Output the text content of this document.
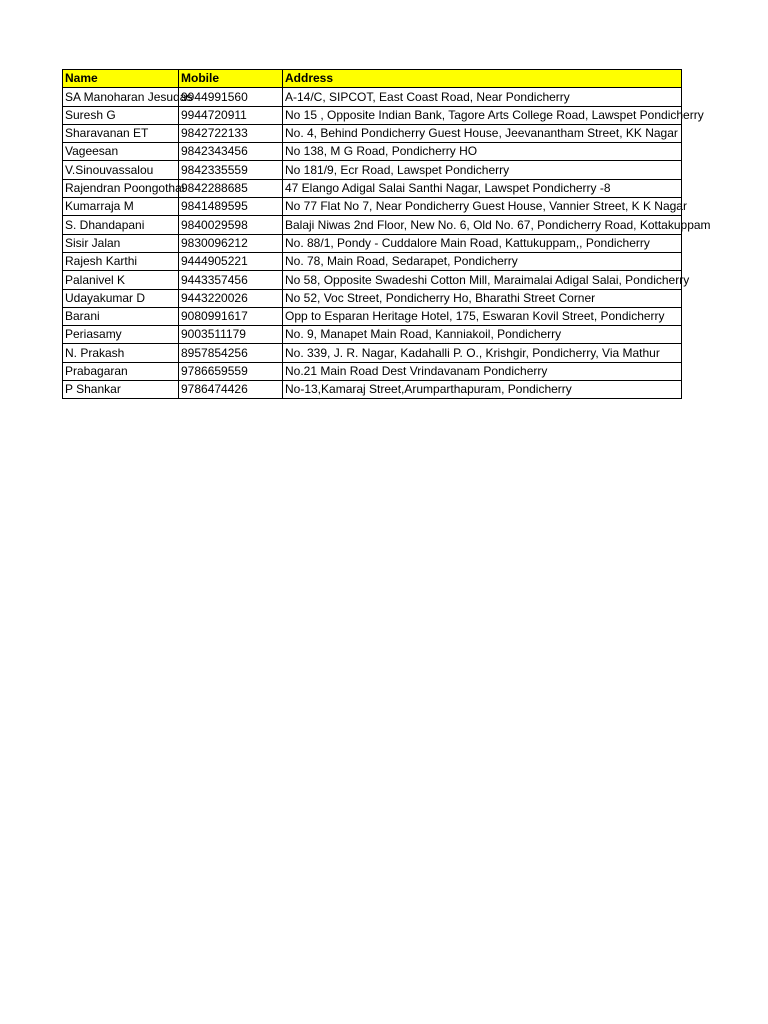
Name	Mobile	Address

SA Manoharan Jesudas	9944991560	A-14/C, SIPCOT, East Coast Road, Near Pondicherry

Suresh G	9944720911	No 15 , Opposite Indian Bank, Tagore Arts College Road, Lawspet Pondicherry

Sharavanan ET	9842722133	No. 4, Behind Pondicherry Guest House, Jeevanantham Street, KK Nagar

Vageesan	9842343456	No 138, M G Road, Pondicherry HO

V.Sinouvassalou	9842335559	No 181/9, Ecr Road, Lawspet Pondicherry

Rajendran Poongothai	9842288685	47 Elango Adigal Salai Santhi Nagar, Lawspet Pondicherry -8

Kumarraja M	9841489595	No 77 Flat No 7, Near Pondicherry Guest House, Vannier Street, K K Nagar

S. Dhandapani	9840029598	Balaji Niwas 2nd Floor, New No. 6, Old No. 67, Pondicherry Road, Kottakuppam

Sisir Jalan	9830096212	No. 88/1, Pondy - Cuddalore Main Road, Kattukuppam,, Pondicherry

Rajesh Karthi	9444905221	No. 78, Main Road, Sedarapet, Pondicherry

Palanivel K	9443357456	No 58, Opposite Swadeshi Cotton Mill, Maraimalai Adigal Salai, Pondicherry

Udayakumar D	9443220026	No 52, Voc Street, Pondicherry Ho, Bharathi Street Corner

Barani	9080991617	Opp to Esparan Heritage Hotel, 175, Eswaran Kovil Street, Pondicherry

Periasamy	9003511179	No. 9, Manapet Main Road, Kanniakoil, Pondicherry

N. Prakash	8957854256	No. 339, J. R. Nagar, Kadahalli P. O., Krishgir, Pondicherry, Via Mathur

Prabagaran	9786659559	No.21 Main Road Dest Vrindavanam Pondicherry

P Shankar	9786474426	No-13,Kamaraj Street,Arumparthapuram, Pondicherry
